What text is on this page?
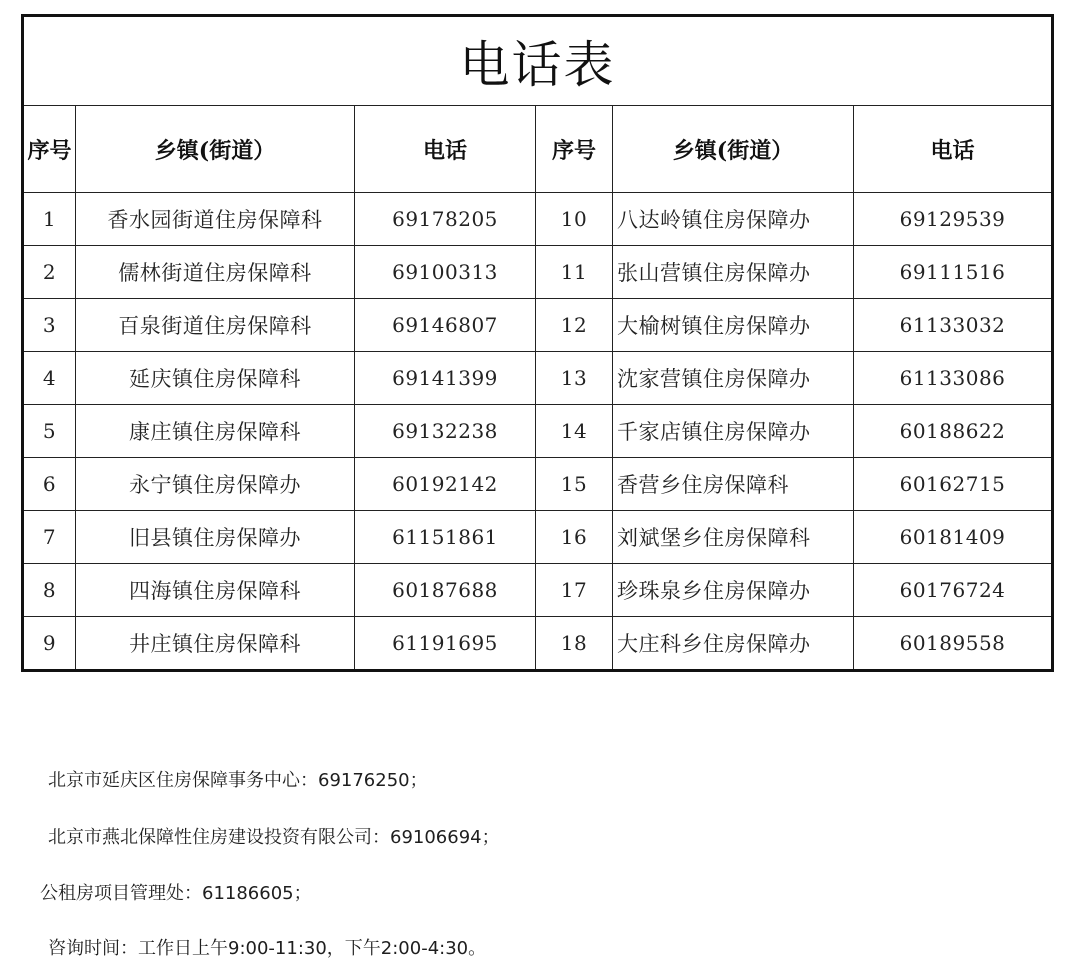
电话表					
序号	乡镇(街道）	电话	序号	乡镇(街道）	电话
1	香水园街道住房保障科	69178205	10	八达岭镇住房保障办	69129539
2	儒林街道住房保障科	69100313	11	张山营镇住房保障办	69111516
3	百泉街道住房保障科	69146807	12	大榆树镇住房保障办	61133032
4	延庆镇住房保障科	69141399	13	沈家营镇住房保障办	61133086
5	康庄镇住房保障科	69132238	14	千家店镇住房保障办	60188622
6	永宁镇住房保障办	60192142	15	香营乡住房保障科	60162715
7	旧县镇住房保障办	61151861	16	刘斌堡乡住房保障科	60181409
8	四海镇住房保障科	60187688	17	珍珠泉乡住房保障办	60176724
9	井庄镇住房保障科	61191695	18	大庄科乡住房保障办	60189558
北京市延庆区住房保障事务中心：69176250；
北京市燕北保障性住房建设投资有限公司：69106694；
公租房项目管理处：61186605；
咨询时间：工作日上午9:00-11:30，下午2:00-4:30。
